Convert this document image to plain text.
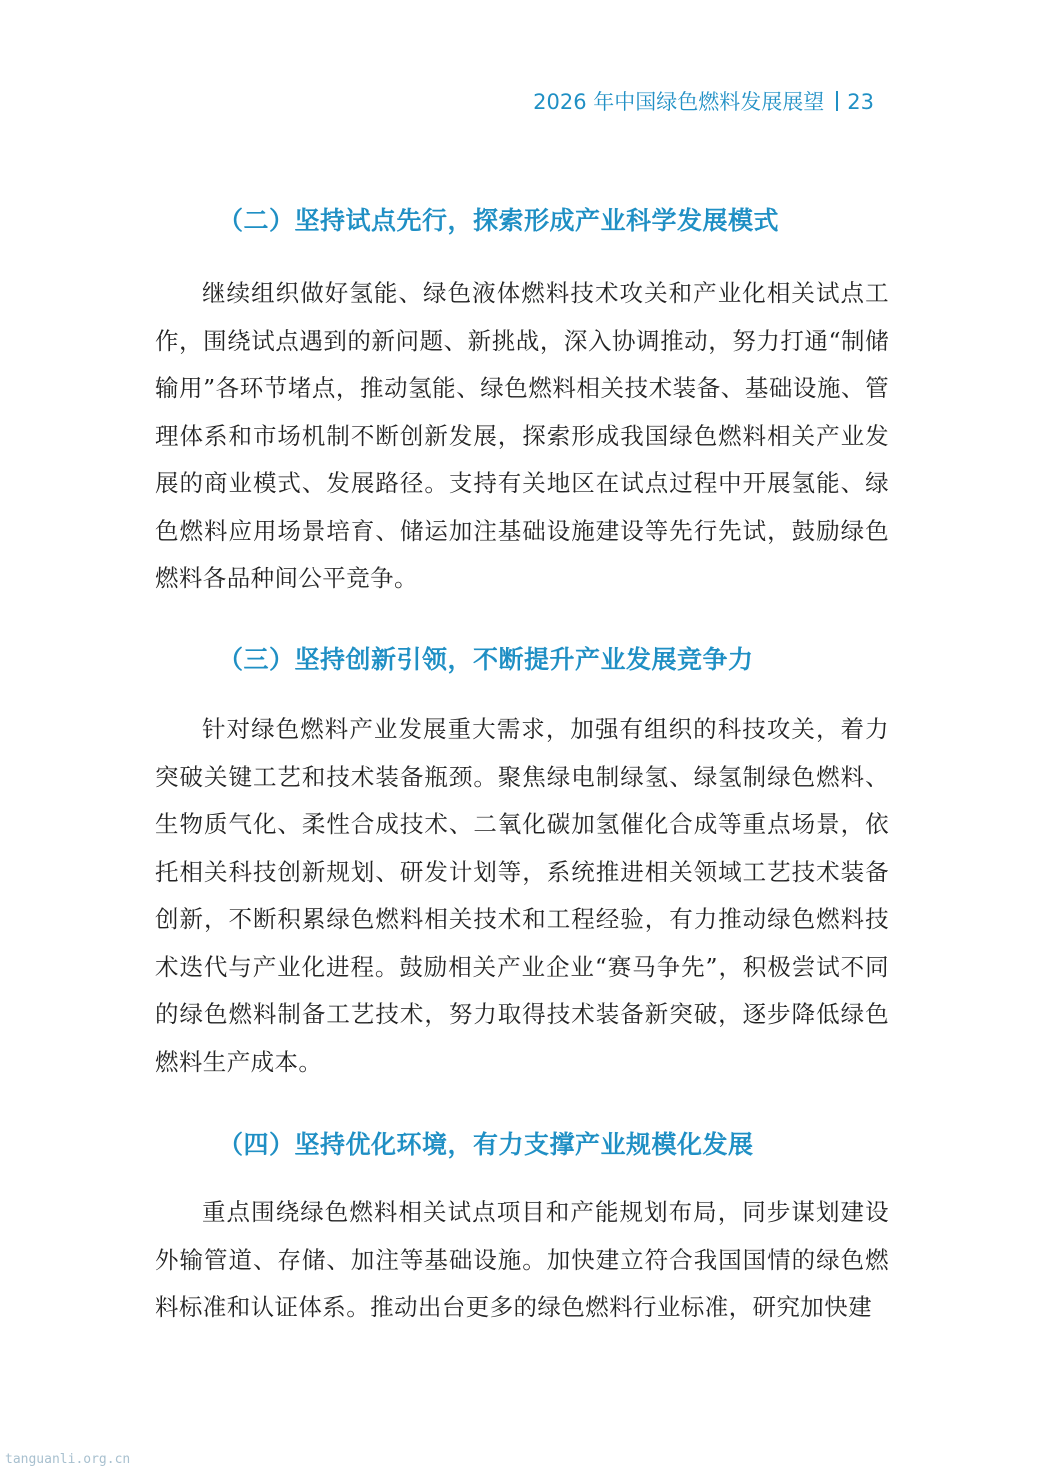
2026 年中国绿色燃料发展展望 23
（二）坚持试点先行，探索形成产业科学发展模式

继续组织做好氢能、绿色液体燃料技术攻关和产业化相关试点工作，围绕试点遇到的新问题、新挑战，深入协调推动，努力打通“制储输用”各环节堵点，推动氢能、绿色燃料相关技术装备、基础设施、管理体系和市场机制不断创新发展，探索形成我国绿色燃料相关产业发展的商业模式、发展路径。支持有关地区在试点过程中开展氢能、绿色燃料应用场景培育、储运加注基础设施建设等先行先试，鼓励绿色燃料各品种间公平竞争。

（三）坚持创新引领，不断提升产业发展竞争力

针对绿色燃料产业发展重大需求，加强有组织的科技攻关，着力突破关键工艺和技术装备瓶颈。聚焦绿电制绿氢、绿氢制绿色燃料、生物质气化、柔性合成技术、二氧化碳加氢催化合成等重点场景，依托相关科技创新规划、研发计划等，系统推进相关领域工艺技术装备创新，不断积累绿色燃料相关技术和工程经验，有力推动绿色燃料技术迭代与产业化进程。鼓励相关产业企业“赛马争先”，积极尝试不同的绿色燃料制备工艺技术，努力取得技术装备新突破，逐步降低绿色燃料生产成本。

（四）坚持优化环境，有力支撑产业规模化发展

重点围绕绿色燃料相关试点项目和产能规划布局，同步谋划建设外输管道、存储、加注等基础设施。加快建立符合我国国情的绿色燃料标准和认证体系。推动出台更多的绿色燃料行业标准，研究加快建

tanguanli.org.cn
